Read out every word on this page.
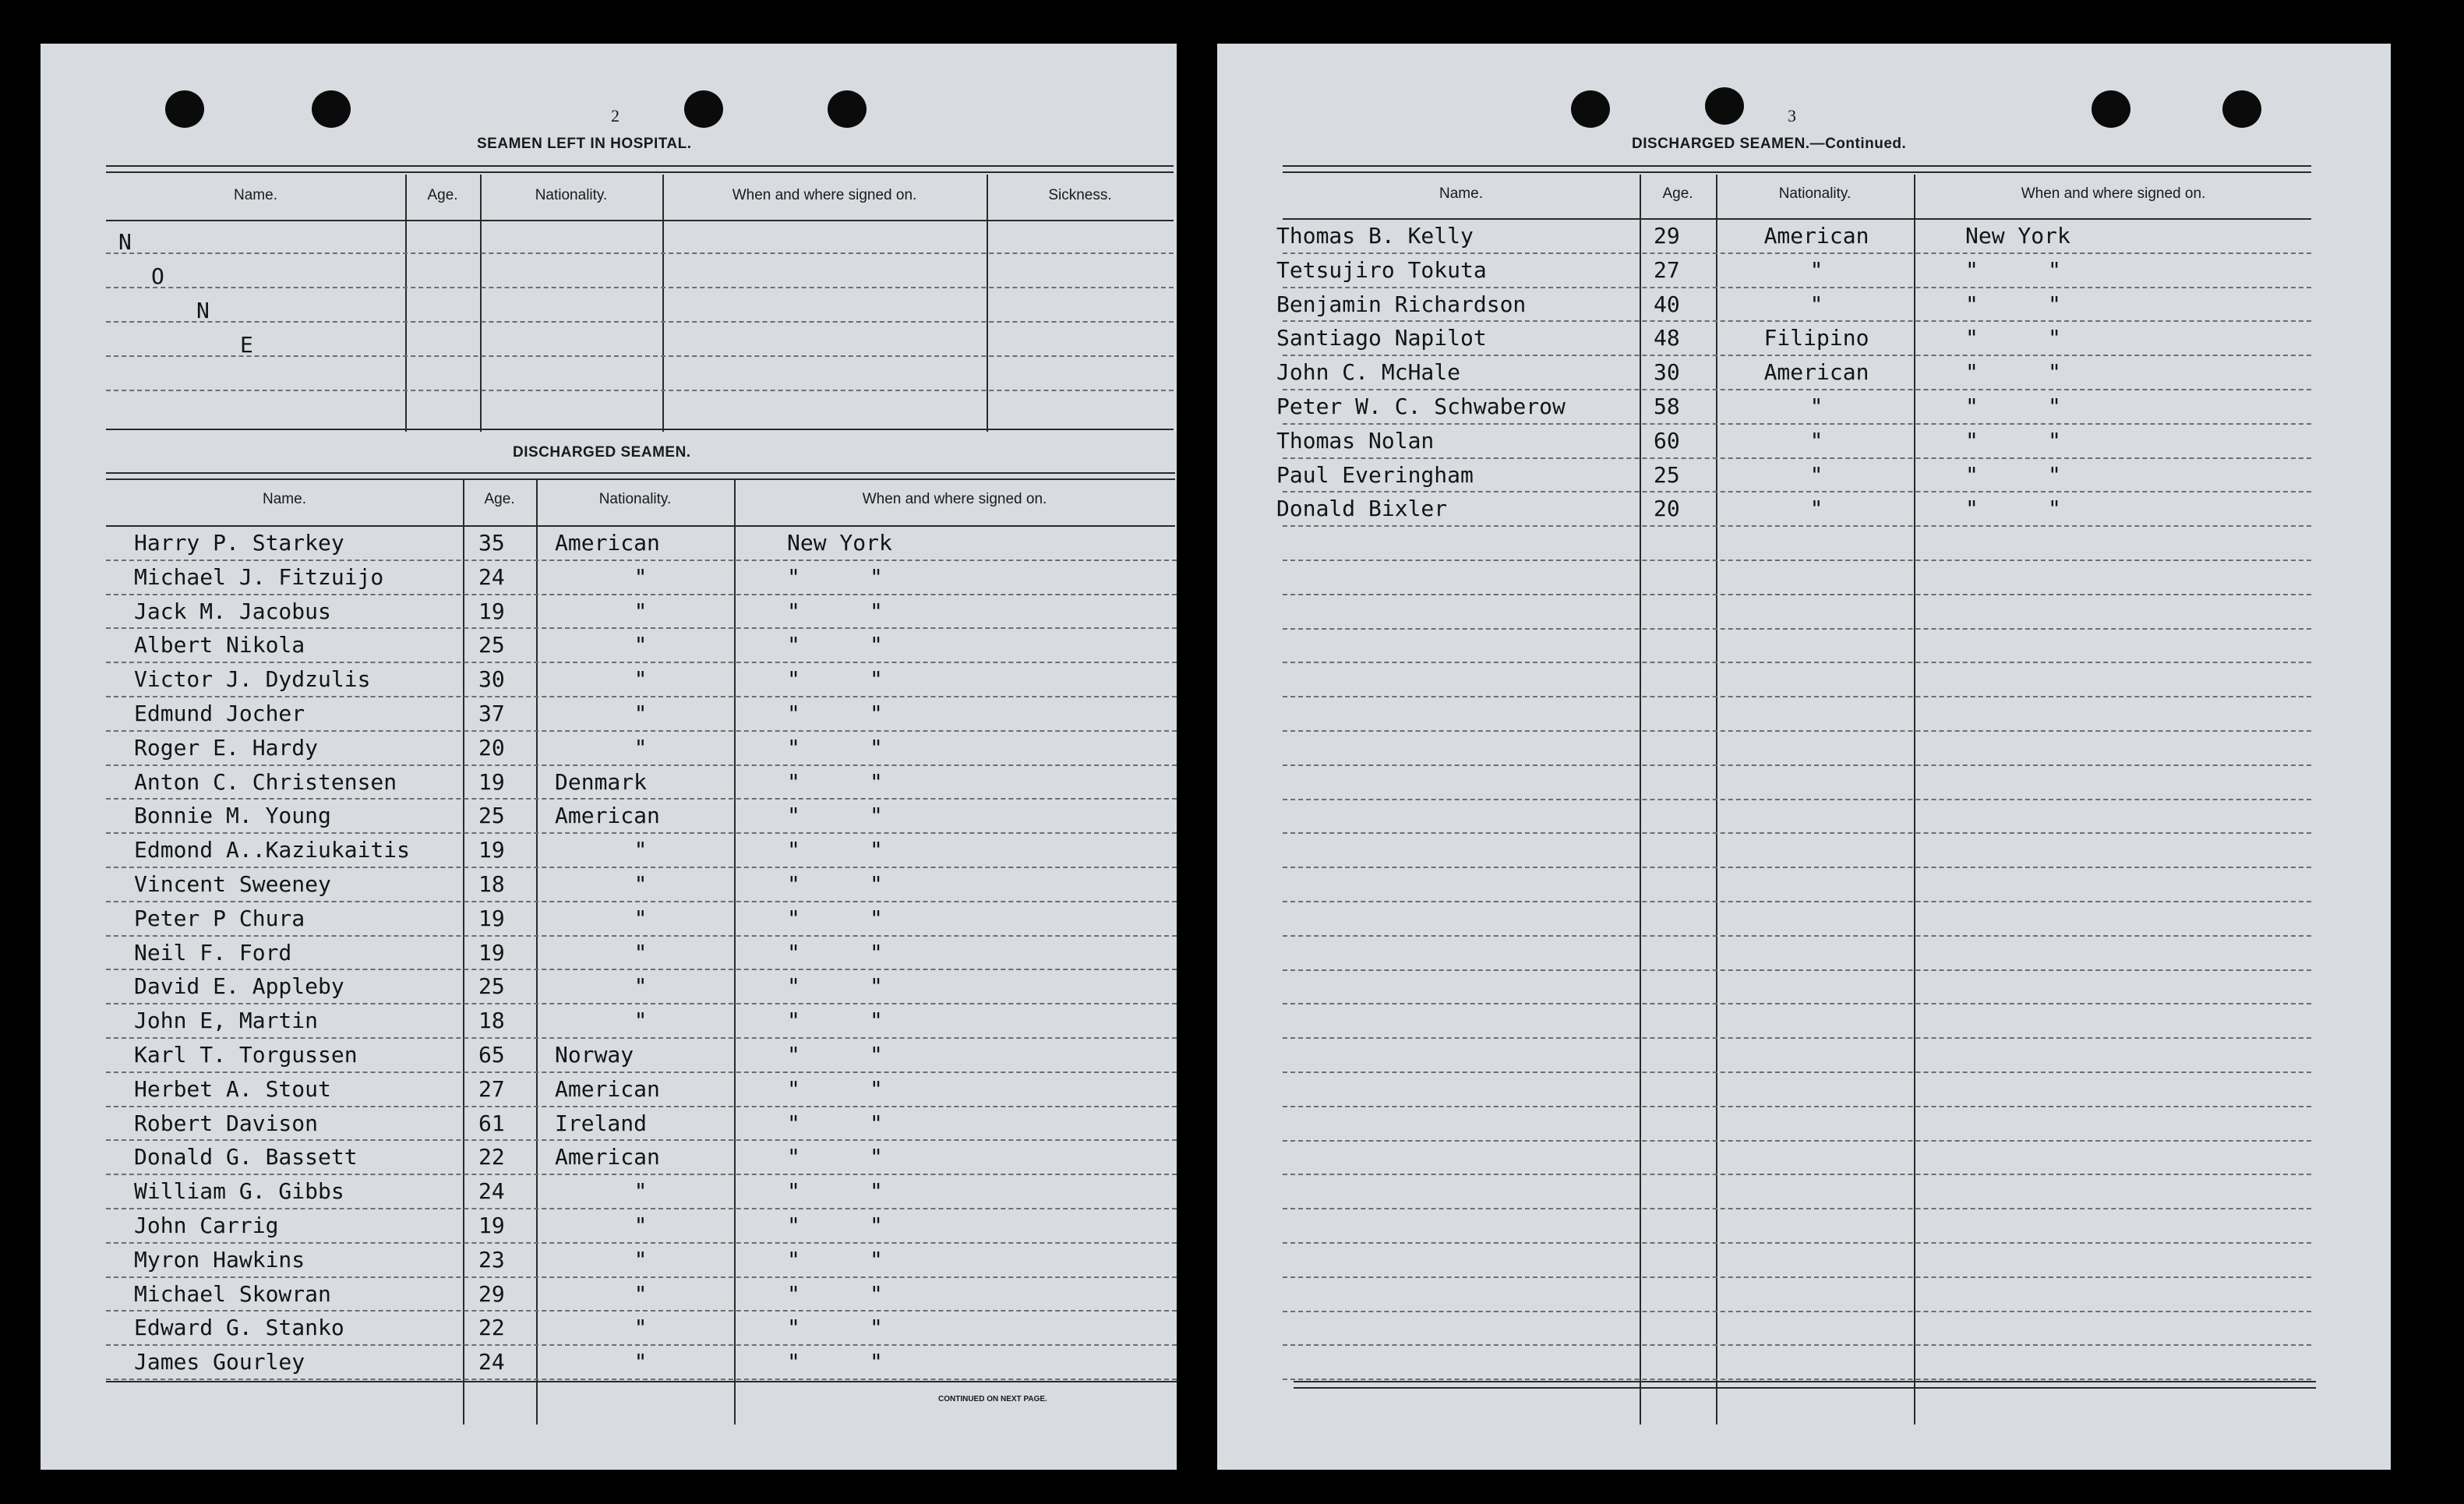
2
SEAMEN LEFT IN HOSPITAL.
Name.	Age.	Nationality.	When and where signed on.	Sickness.
N
O
N
E
DISCHARGED SEAMEN.
Name.	Age.	Nationality.	When and where signed on.
Harry P. Starkey	35 American	New York
Michael J. Fitzuijo	24	"	"	"
Jack M. Jacobus	19	"	"	"
Albert Nikola	25	"	"	"
Victor J. Dydzulis	30	"	"	"
Edmund Jocher	37	"	"	"
Roger E. Hardy	20	"	"	"
Anton C. Christensen	19 Denmark	"	"
Bonnie M. Young	25 American	"	"
Edmond A..Kaziukaitis	19	"	"	"
Vincent Sweeney	18	"	"	"
Peter P Chura	19	"	"	"
Neil F. Ford	19	"	"	"
David E. Appleby	25	"	"	"
John E, Martin	18	"	"	"
Karl T. Torgussen	65 Norway	"	"
Herbet A. Stout	27 American	"	"
Robert Davison	61 Ireland	"	"
Donald G. Bassett	22 American	"	"
William G. Gibbs	24	"	"	"
John Carrig	19	"	"	"
Myron Hawkins	23	"	"	"
Michael Skowran	29	"	"	"
Edward G. Stanko	22	"	"	"
James Gourley	24	"	"	"
CONTINUED ON NEXT PAGE.
3
DISCHARGED SEAMEN.—Continued.
Name.	Age.	Nationality.	When and where signed on.
Thomas B. Kelly	29	American	New York
Tetsujiro Tokuta	27	"	"	"
Benjamin Richardson	40	"	"	"
Santiago Napilot	48	Filipino	"	"
John C. McHale	30	American	"	"
Peter W. C. Schwaberow	58	"	"	"
Thomas Nolan	60	"	"	"
Paul Everingham	25	"	"	"
Donald Bixler	20	"	"	"
